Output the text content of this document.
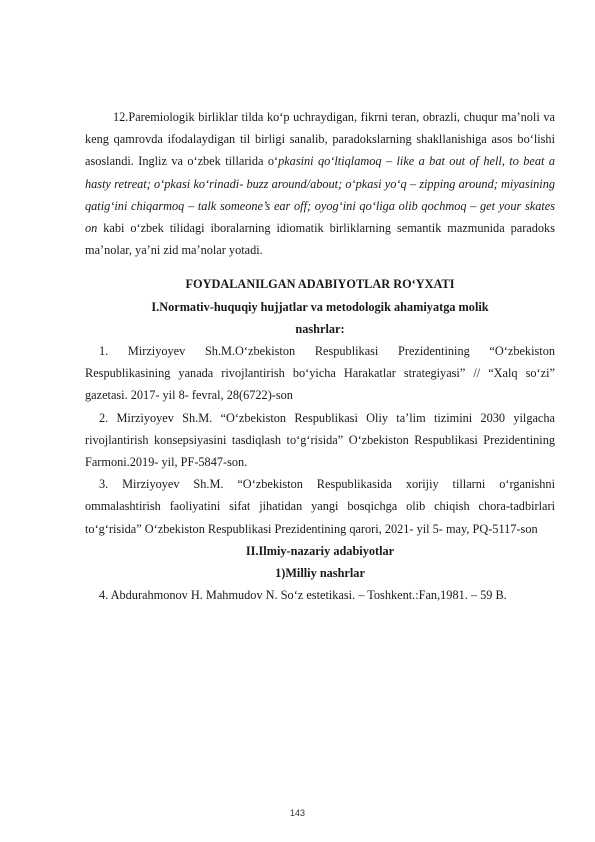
12.Paremiologik birliklar tilda ko‘p uchraydigan, fikrni teran, obrazli, chuqur ma’noli va keng qamrovda ifodalaydigan til birligi sanalib, paradokslarning shakllanishiga asos bo‘lishi asoslandi. Ingliz va o‘zbek tillarida o‘pkasini qo‘ltiqlamoq – like a bat out of hell, to beat a hasty retreat; o‘pkasi ko‘rinadi- buzz around/about; o‘pkasi yo‘q – zipping around; miyasining qatig‘ini chiqarmoq – talk someone’s ear off; oyog‘ini qo‘liga olib qochmoq – get your skates on kabi o‘zbek tilidagi iboralarning idiomatik birliklarning semantik mazmunida paradoks ma’nolar, ya’ni zid ma’nolar yotadi.

FOYDALANILGAN ADABIYOTLAR RO‘YXATI

I.Normativ-huquqiy hujjatlar va metodologik ahamiyatga molik

nashrlar:

1. Mirziyoyev Sh.M.O‘zbekiston Respublikasi Prezidentining “O‘zbekiston Respublikasining yanada rivojlantirish bo‘yicha Harakatlar strategiyasi” // “Xalq so‘zi” gazetasi. 2017- yil 8- fevral, 28(6722)-son

2. Mirziyoyev Sh.M. “O‘zbekiston Respublikasi Oliy ta’lim tizimini 2030 yilgacha rivojlantirish konsepsiyasini tasdiqlash to‘g‘risida” O‘zbekiston Respublikasi Prezidentining Farmoni.2019- yil, PF-5847-son.

3. Mirziyoyev Sh.M. “O‘zbekiston Respublikasida xorijiy tillarni o‘rganishni ommalashtirish faoliyatini sifat jihatidan yangi bosqichga olib chiqish chora-tadbirlari to‘g‘risida” O‘zbekiston Respublikasi Prezidentining qarori, 2021- yil 5- may, PQ-5117-son

II.Ilmiy-nazariy adabiyotlar

1)Milliy nashrlar

4. Abdurahmonov H. Mahmudov N. So‘z estetikasi. – Toshkent.:Fan,1981. – 59 B.

143
